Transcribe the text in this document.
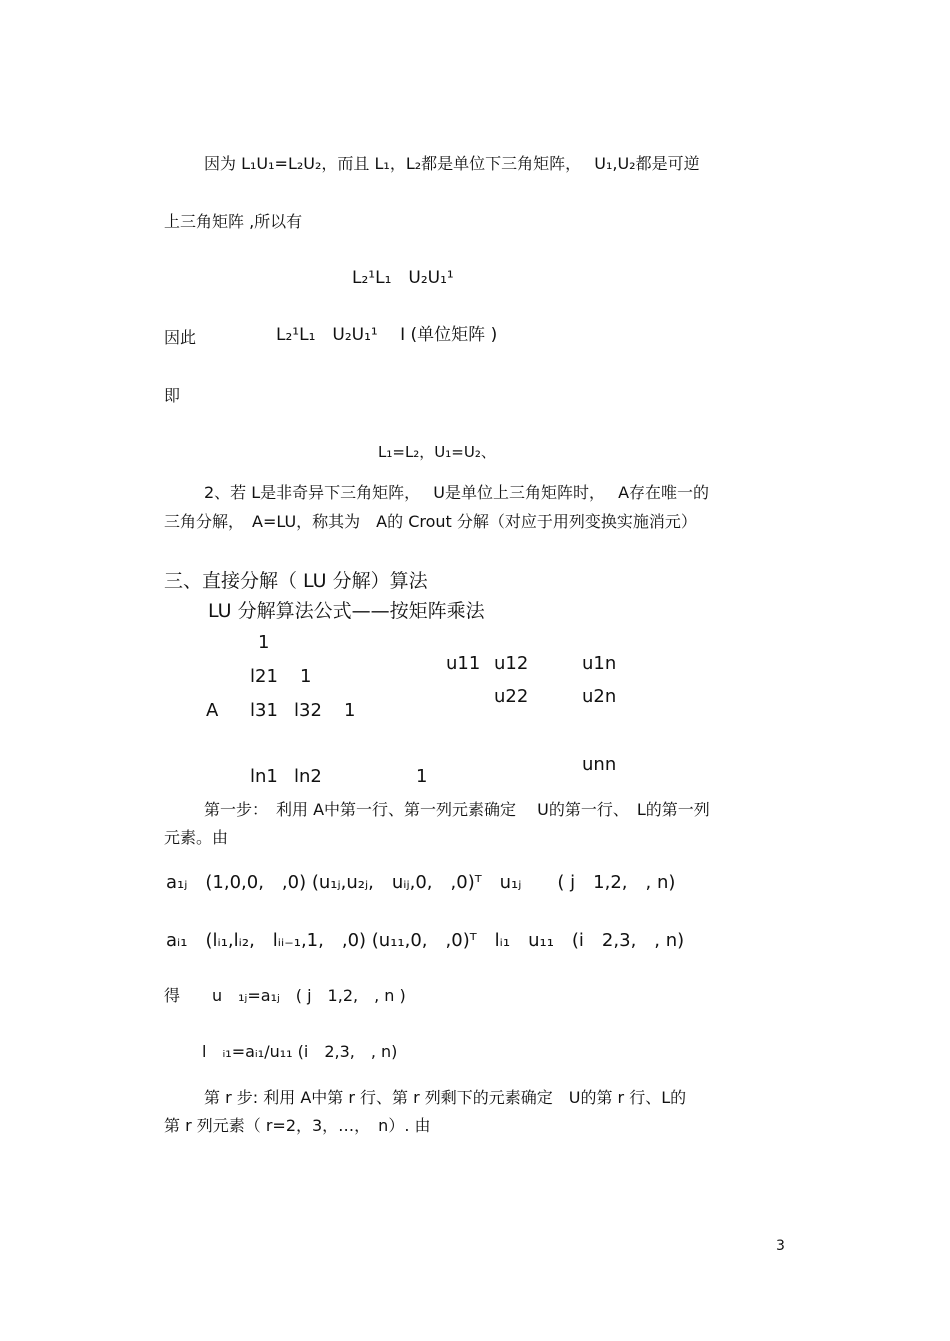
因为 L₁U₁=L₂U₂，而且 L₁，L₂都是单位下三角矩阵，　 U₁,U₂都是可逆
上三角矩阵 ,所以有
L₂¹L₁　U₂U₁¹
因此	L₂¹L₁　U₂U₁¹　 I (单位矩阵 )
即
L₁=L₂，U₁=U₂、
2、若 L是非奇异下三角矩阵，　 U是单位上三角矩阵时，　 A存在唯一的
三角分解，　A=LU，称其为　A的 Crout 分解（对应于用列变换实施消元）
三、直接分解（ LU 分解）算法
LU 分解算法公式——按矩阵乘法
A
1
l21 1
l31 l32 1
ln1 ln2	1
u11 u12	u1n
u22	u2n
unn
第一步：　利用 A中第一行、第一列元素确定　 U的第一行、　L的第一列
元素。由
a₁ⱼ　(1,0,0,　,0) (u₁ⱼ,u₂ⱼ,　uᵢⱼ,0,　,0)ᵀ　u₁ⱼ　　( j　1,2,　, n)
aᵢ₁　(lᵢ₁,lᵢ₂,　lᵢᵢ₋₁,1,　,0) (u₁₁,0,　,0)ᵀ　lᵢ₁　u₁₁　(i　2,3,　, n)
得 u　₁ⱼ=a₁ⱼ　( j　1,2,　, n )
l　ᵢ₁=aᵢ₁/u₁₁ (i　2,3,　, n)
第 r 步: 利用 A中第 r 行、第 r 列剩下的元素确定　U的第 r 行、L的
第 r 列元素（ r=2，3，…，　n）. 由
3
